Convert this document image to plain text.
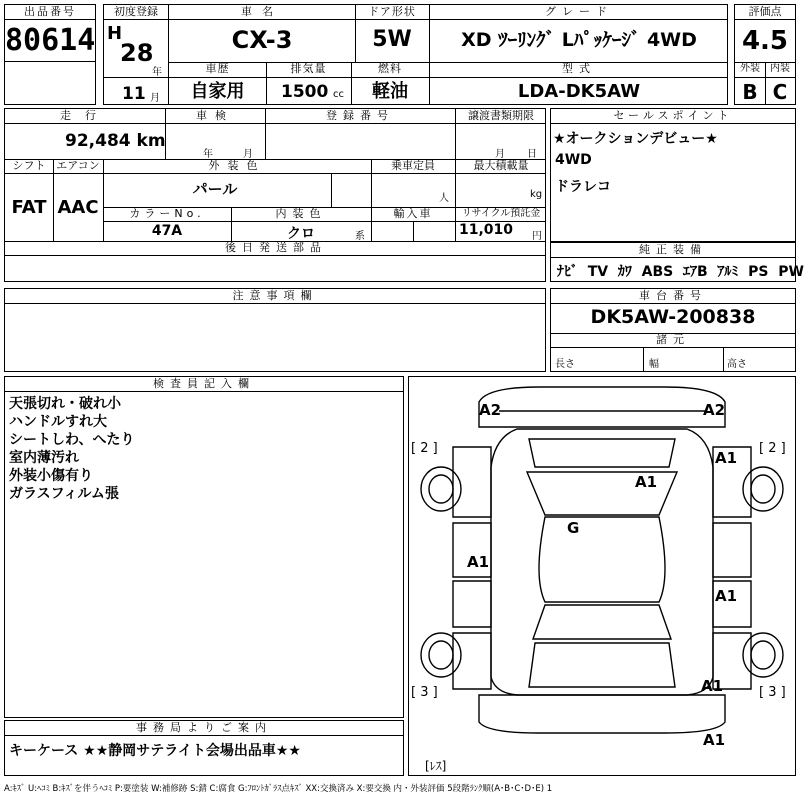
出品番号
80614
初度登録
H
28
年
11 月
車名
CX-3
ドア形状
5W
グレード
XD ﾂｰﾘﾝｸﾞ Lﾊﾟｯｹｰｼﾞ 4WD
車歴
自家用
排気量
1500 cc
燃料
軽油
型式
LDA-DK5AW
評価点
4.5
外装	内装
B C
走行
92,484 km
車検
年	月
登録番号	譲渡書類期限
月 日
シフト エアコン
FAT AAC
外装色
パール
乗車定員
人
最大積載量
kg
カラーNo.
47A
内装色
クロ	系
輸入車	リサイクル預託金
11,010 円
後日発送部品
セールスポイント
★オークションデビュー★
4WD
ドラレコ
純正装備
ﾅﾋﾞ TV ｶﾜ ABS ｴｱB ｱﾙﾐ PS PW
注意事項欄	車台番号
DK5AW-200838
諸元
長さ	幅	高さ
検査員記入欄
天張切れ・破れ小
ハンドルすれ大
シートしわ、へたり
室内薄汚れ
外装小傷有り
ガラスフィルム張
事務局よりご案内
キーケース ★★静岡サテライト会場出品車★★
[ 2 ]	[ 2 ]
[ 3 ]	[ 3 ]
[ﾚｽ]
A2	A2
A1
A1
G
A1
A1
A1
A1
A:ｷｽﾞ U:ﾍｺﾐ B:ｷｽﾞを伴うﾍｺﾐ P:要塗装 W:補修跡 S:錆 C:腐食 G:ﾌﾛﾝﾄｶﾞﾗｽ点ｷｽﾞ XX:交換済み X:要交換 内・外装評価 5段階ﾗﾝｸ順(A･B･C･D･E) 1
